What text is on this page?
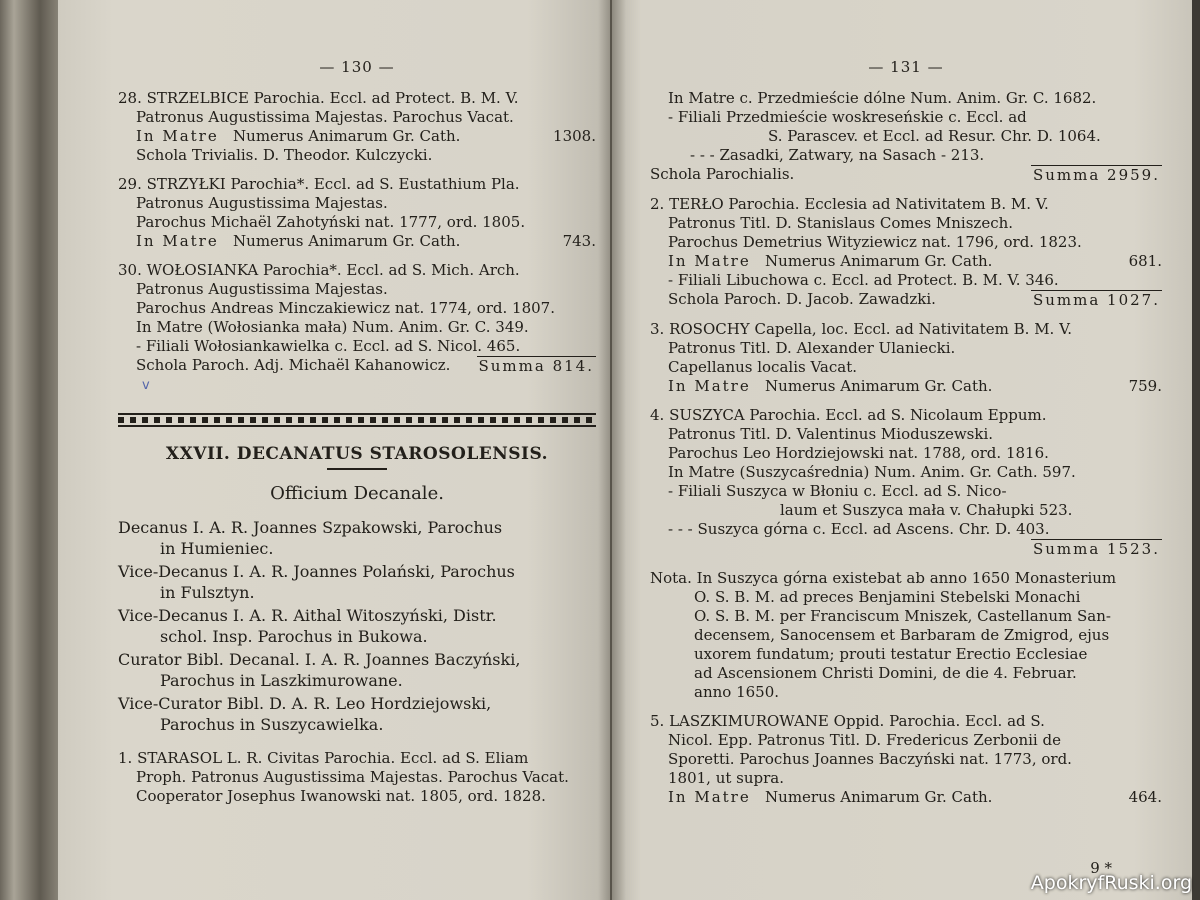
— 130 —
28. STRZELBICE Parochia. Eccl. ad Protect. B. M. V.
Patronus Augustissima Majestas. Parochus Vacat.
In Matre Numerus Animarum Gr. Cath.	1308.
Schola Trivialis. D. Theodor. Kulczycki.
29. STRZYŁKI Parochia*. Eccl. ad S. Eustathium Pla.
Patronus Augustissima Majestas.
Parochus Michaël Zahotyński nat. 1777, ord. 1805.
In Matre Numerus Animarum Gr. Cath.	743.
30. WOŁOSIANKA Parochia*. Eccl. ad S. Mich. Arch.
Patronus Augustissima Majestas.
Parochus Andreas Minczakiewicz nat. 1774, ord. 1807.
In Matre (Wołosianka mała) Num. Anim. Gr. C. 349.
- Filiali Wołosiankawielka c. Eccl. ad S. Nicol. 465.
Schola Paroch. Adj. Michaël Kahanowicz. Summa 814.
v
XXVII. DECANATUS STAROSOLENSIS.
Officium Decanale.
Decanus I. A. R. Joannes Szpakowski, Parochus
in Humieniec.
Vice-Decanus I. A. R. Joannes Polański, Parochus
in Fulsztyn.
Vice-Decanus I. A. R. Aithal Witoszyński, Distr.
schol. Insp. Parochus in Bukowa.
Curator Bibl. Decanal. I. A. R. Joannes Baczyński,
Parochus in Laszkimurowane.
Vice-Curator Bibl. D. A. R. Leo Hordziejowski,
Parochus in Suszycawielka.
1. STARASOL L. R. Civitas Parochia. Eccl. ad S. Eliam
Proph. Patronus Augustissima Majestas. Parochus Vacat.
Cooperator Josephus Iwanowski nat. 1805, ord. 1828.
— 131 —
In Matre c. Przedmieście dólne Num. Anim. Gr. C. 1682.
- Filiali Przedmieście woskreseńskie c. Eccl. ad
S. Parascev. et Eccl. ad Resur. Chr. D. 1064.
- - - Zasadki, Zatwary, na Sasach - 213.
Schola Parochialis.	Summa 2959.
2. TERŁO Parochia. Ecclesia ad Nativitatem B. M. V.
Patronus Titl. D. Stanislaus Comes Mniszech.
Parochus Demetrius Wityziewicz nat. 1796, ord. 1823.
In Matre Numerus Animarum Gr. Cath.	681.
- Filiali Libuchowa c. Eccl. ad Protect. B. M. V. 346.
Schola Paroch. D. Jacob. Zawadzki.	Summa 1027.
3. ROSOCHY Capella, loc. Eccl. ad Nativitatem B. M. V.
Patronus Titl. D. Alexander Ulaniecki.
Capellanus localis Vacat.
In Matre Numerus Animarum Gr. Cath.	759.
4. SUSZYCA Parochia. Eccl. ad S. Nicolaum Eppum.
Patronus Titl. D. Valentinus Mioduszewski.
Parochus Leo Hordziejowski nat. 1788, ord. 1816.
In Matre (Suszycaśrednia) Num. Anim. Gr. Cath. 597.
- Filiali Suszyca w Błoniu c. Eccl. ad S. Nico-
laum et Suszyca mała v. Chałupki 523.
- - - Suszyca górna c. Eccl. ad Ascens. Chr. D. 403.
Summa 1523.
Nota. In Suszyca górna existebat ab anno 1650 Monasterium
O. S. B. M. ad preces Benjamini Stebelski Monachi
O. S. B. M. per Franciscum Mniszek, Castellanum San-
decensem, Sanocensem et Barbaram de Zmigrod, ejus
uxorem fundatum; prouti testatur Erectio Ecclesiae
ad Ascensionem Christi Domini, de die 4. Februar.
anno 1650.
5. LASZKIMUROWANE Oppid. Parochia. Eccl. ad S.
Nicol. Epp. Patronus Titl. D. Fredericus Zerbonii de
Sporetti. Parochus Joannes Baczyński nat. 1773, ord.
1801, ut supra.
In Matre Numerus Animarum Gr. Cath.	464.
9 *
ApokryfRuski.org
